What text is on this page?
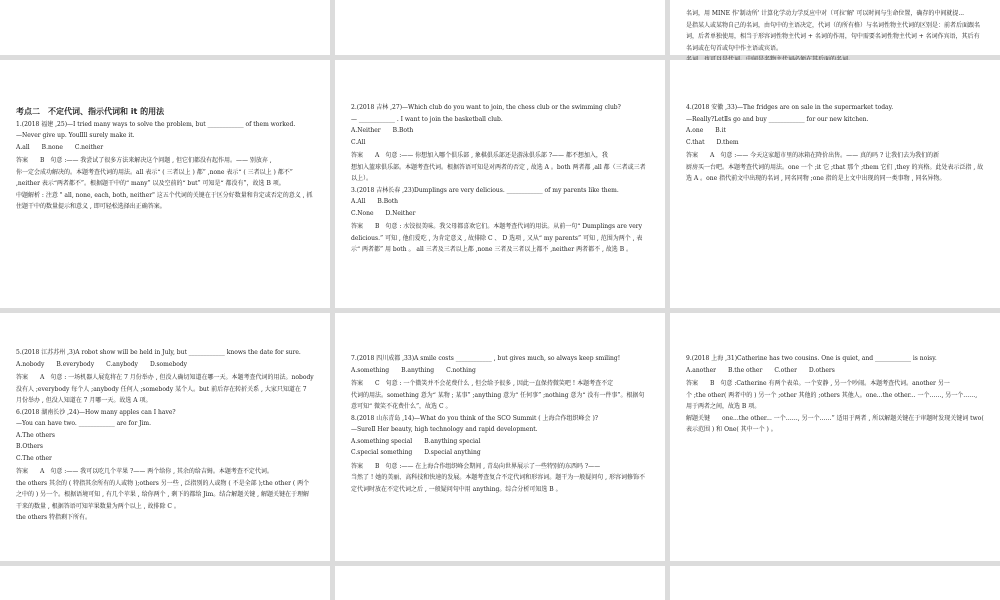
名词，用 MINE 作'制动所' 计算化学动力学反应中对（可拉'解' 可以时间与生命位置，确存的中间就提...

是指某人或某物自己的名词，由句中的主语决定，代词（的所有格）与名词性物主代词的区别是：前者后面跟名词，后者单独使用，相当于形容词性物主代词 + 名词的作用，句中需要名词性物主代词 + 名词作宾语，其后有名词或在句首或句中作主语或宾语。

考点二　不定代词、指示代词和 it 的用法

1.(2018 福建 ,25)—I tried many ways to solve the problem, but ____________ of them worked.

—Never give up. YouⅡll surely make it.

A.all　　B.none　　C.neither

答案　　B　句意 :—— 我尝试了很多方法来解决这个问题 , 但它们都没有起作用。—— 别放弃 ,

你一定会成功解决的。本题考查代词的用法。all 表示“ ( 三者以上 ) 都” ,none 表示“ ( 三者以上 ) 都不” ,neither 表示“两者都不”。根据题干中的“ many” 以及空前的“ but” 可知是“ 都没有”，故选 B 项。

中题解析 : 注意 " all, none, each, both, neither" 这五个代词的关键在于区分好数量和肯定或否定的意义 , 抓住题干中的数量提示和意义 , 即可轻松选择出正确答案。

2.(2018 吉林 ,27)—Which club do you want to join, the chess club or the swimming club?

— ____________ . I want to join the basketball club.

A.Neither　　B.Both

C.All

答案　　A　句意 :—— 你想加入哪个俱乐部 , 象棋俱乐部还是游泳俱乐部 ?—— 都不想加入，我

想加入篮球俱乐部。本题考查代词。根据答语可知是对两者的否定 , 故选 A 。both 两者都 ,all 都（三者或三者以上）。

3.(2018 吉林长春 ,23)Dumplings are very delicious. ____________ of my parents like them.

A.All　　B.Both

C.None　　D.Neither

答案　　B　句意 : 水饺很美味。我父母都喜欢它们。本题考查代词的用法。从前一句“ Dumplings are very delicious.” 可知 , 他们爱吃 , 为肯定意义 , 故排除 C 、 D 选项 , 又从“ my parents” 可知 , 范围为两个 , 表示“ 两者都” 用 both 。 all 三者及三者以上都 ,none 三者及三者以上都不 ,neither 两者都不 , 故选 B 。

4.(2018 安徽 ,33)—The fridges are on sale in the supermarket today.

—Really?LetⅡs go and buy ____________ for our new kitchen.

A.one　　B.it

C.that　　D.them

答案　　A　句意 :—— 今天这家超市里的冰箱在降价出售。—— 真的吗 ? 让我们去为我们的新

厨房买一台吧。本题考查代词的用法。one 一个 ;it 它 ;that 那个 ;them 它们 ,they 的宾格。此处表示泛指 , 故选 A 。one 指代前文中出现的名词 , 同名同物 ;one 指的是上文中出现的同一类事物 , 同名异物。

5.(2018 江苏苏州 ,3)A robot show will be held in July, but ____________ knows the date for sure.

A.nobody　　B.everybody　　C.anybody　　D.somebody

答案　　A　句意 : 一场机器人展览将在 7 月份举办 , 但没人确切知道在哪一天。本题考查代词的用法。nobody 没有人 ;everybody 每个人 ;anybody 任何人 ;somebody 某个人。but 前后存在转折关系 , 大家只知道在 7 月份举办 , 但没人知道在 7 月哪一天。故选 A 项。

6.(2018 湖南长沙 ,24)—How many apples can I have?

—You can have two. ____________ are for Jim.

A.The others

B.Others

C.The other

答案　　A　句意 :—— 我可以吃几个苹果 ?—— 两个给你 , 其余的给吉姆。本题考查不定代词。

the others 其余的 ( 特指其余所有的人或物 );others 另一些 , 泛指别的人或物 ( 不是全部 );the other ( 两个之中的 ) 另一个。根据语境可知 , 有几个苹果 , 给你两个 , 剩下的都给 Jim。结合解题关键 , 解题关键在于理解干来的数量 , 根据答语可知苹果数量为两个以上 , 故排除 C 。

the others 特指剩下所有。

7.(2018 四川成都 ,33)A smile costs ____________ , but gives much, so always keep smiling!

A.something　　B.anything　　C.nothing

答案　　C　句意 : 一个微笑并不会花费什么 , 但会给予很多 , 因此一直保持微笑吧 ! 本题考查不定

代词的用法。something 意为“ 某物 ; 某事” ;anything 意为“ 任何事” ;nothing 意为“ 没有一件事”。根据句意可知“ 微笑不花费什么”，故选 C 。

8.(2018 山东青岛 ,14)—What do you think of the SCO Summit ( 上海合作组织峰会 )?

—SureⅡ Her beauty, high technology and rapid development.

A.something special　　B.anything special

C.special something　　D.special anything

答案　　B　句意 :—— 在上海合作组织峰会期间 , 青岛向世界展示了一些特别的东西吗 ?——

当然了 ! 她的美丽、高科技和快速的发展。本题考查复合不定代词和形容词。题干为一般疑问句 , 形容词修饰不定代词时放在不定代词之后 , 一般疑问句中用 anything。综合分析可知选 B 。

9.(2018 上海 ,31)Catherine has two cousins. One is quiet, and ____________ is noisy.

A.another　　B.the other　　C.other　　D.others

答案　　B　句意 :Catherine 有两个表弟。一个安静 , 另一个吵闹。本题考查代词。another 另一

个 ;the other( 两者中的 ) 另一个 ;other 其他的 ;others 其他人。one...the other... 一个……, 另一个……, 用于两者之间，故选 B 项。

解题关键　　one...the other... 一个……, 另一个……” 适用于两者 , 所以解题关键在于审题时发现关键词 two( 表示范围 ) 和 One( 其中一个 ) 。
